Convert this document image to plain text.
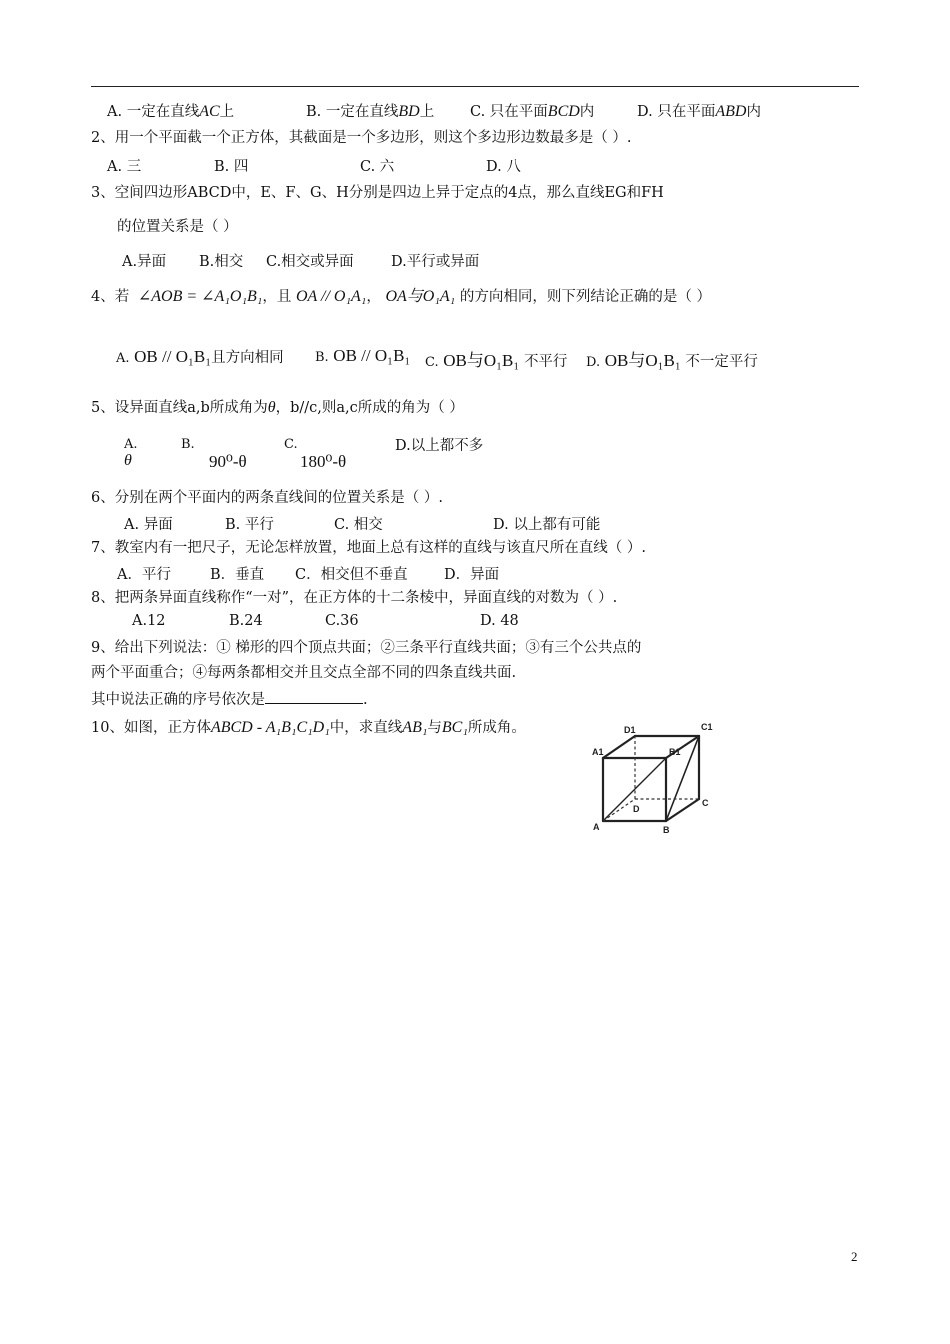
A. 一定在直线AC上	B. 一定在直线BD上 C. 只在平面BCD内	D. 只在平面ABD内
2、用一个平面截一个正方体，其截面是一个多边形，则这个多边形边数最多是（ ）.
A. 三	B. 四	C. 六	D. 八
3、空间四边形ABCD中，E、F、G、H分别是四边上异于定点的4点，那么直线EG和FH
的位置关系是（ ）
A.异面 B.相交 C.相交或异面	D.平行或异面
4、若 ∠AOB = ∠A₁O₁B₁，且 OA // O₁A₁， OA与O₁A₁ 的方向相同，则下列结论正确的是（ ）
A. OB // O₁B₁且方向相同 B. OB // O₁B₁ C. OB与O₁B₁ 不平行 D. OB与O₁B₁ 不一定平行
5、设异面直线a,b所成角为θ，b//c,则a,c所成的角为（ ）
A.
θ
B.
90⁰-θ
C.
180⁰-θ
D.以上都不多
6、分别在两个平面内的两条直线间的位置关系是（ ）.
A. 异面	B. 平行	C. 相交	D. 以上都有可能
7、教室内有一把尺子，无论怎样放置，地面上总有这样的直线与该直尺所在直线（ ）.
A．平行	B．垂直 C．相交但不垂直	D．异面
8、把两条异面直线称作“一对”，在正方体的十二条棱中，异面直线的对数为（ ）.
A.12	B.24	C.36	D. 48
9、给出下列说法：① 梯形的四个顶点共面；②三条平行直线共面；③有三个公共点的
两个平面重合；④每两条都相交并且交点全部不同的四条直线共面.
其中说法正确的序号依次是	.
10、如图，正方体ABCD - A₁B₁C₁D₁中，求直线AB₁与BC₁所成角。	D1	C1
A1	B1
D
C
A	B
2
